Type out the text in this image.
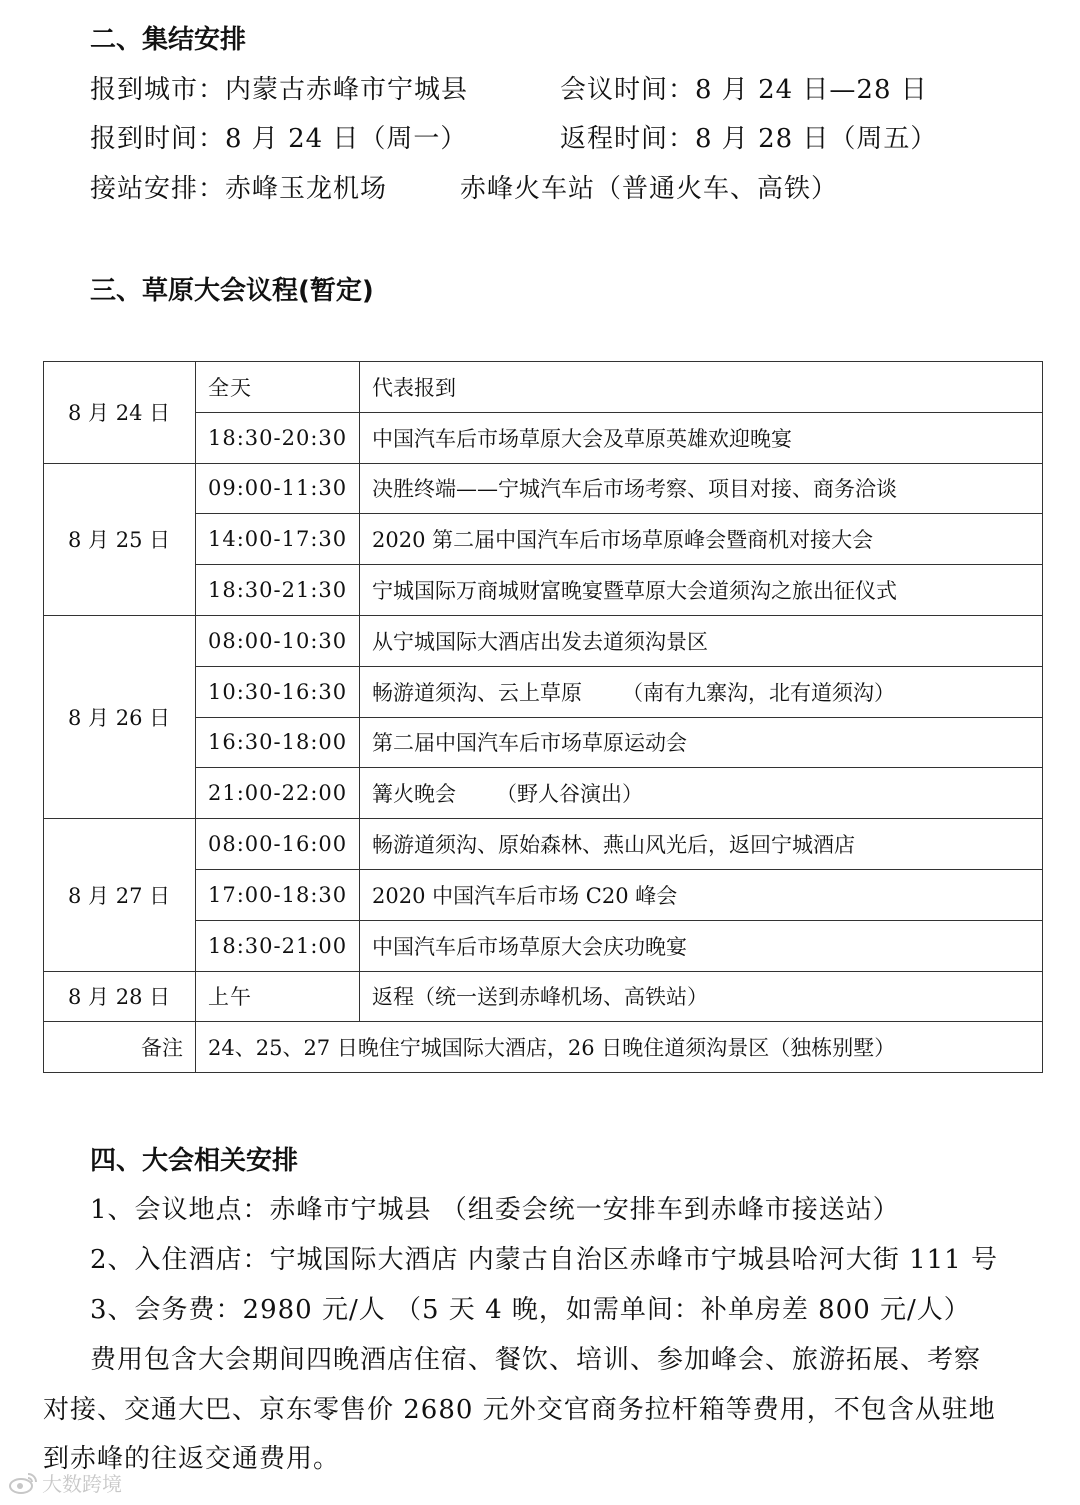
二、集结安排
报到城市：内蒙古赤峰市宁城县	会议时间：8 月 24 日—28 日
报到时间：8 月 24 日（周一）	返程时间：8 月 28 日（周五）
接站安排：赤峰玉龙机场	赤峰火车站（普通火车、高铁）
三、草原大会议程(暂定)
8 月 24 日	全天	代表报到
	18:30-20:30	中国汽车后市场草原大会及草原英雄欢迎晚宴
8 月 25 日	09:00-11:30	决胜终端——宁城汽车后市场考察、项目对接、商务洽谈
	14:00-17:30	2020 第二届中国汽车后市场草原峰会暨商机对接大会
	18:30-21:30	宁城国际万商城财富晚宴暨草原大会道须沟之旅出征仪式
8 月 26 日	08:00-10:30	从宁城国际大酒店出发去道须沟景区
	10:30-16:30	畅游道须沟、云上草原 （南有九寨沟，北有道须沟）
	16:30-18:00	第二届中国汽车后市场草原运动会
	21:00-22:00	篝火晚会 （野人谷演出）
8 月 27 日	08:00-16:00	畅游道须沟、原始森林、燕山风光后，返回宁城酒店
	17:00-18:30	2020 中国汽车后市场 C20 峰会
	18:30-21:00	中国汽车后市场草原大会庆功晚宴
8 月 28 日	上午	返程（统一送到赤峰机场、高铁站）
备注	24、25、27 日晚住宁城国际大酒店，26 日晚住道须沟景区（独栋别墅）	
四、大会相关安排
1、会议地点：赤峰市宁城县 （组委会统一安排车到赤峰市接送站）
2、入住酒店：宁城国际大酒店 内蒙古自治区赤峰市宁城县哈河大街 111 号
3、会务费：2980 元/人 （5 天 4 晚，如需单间：补单房差 800 元/人）
费用包含大会期间四晚酒店住宿、餐饮、培训、参加峰会、旅游拓展、考察
对接、交通大巴、京东零售价 2680 元外交官商务拉杆箱等费用，不包含从驻地
到赤峰的往返交通费用。
大数跨境
